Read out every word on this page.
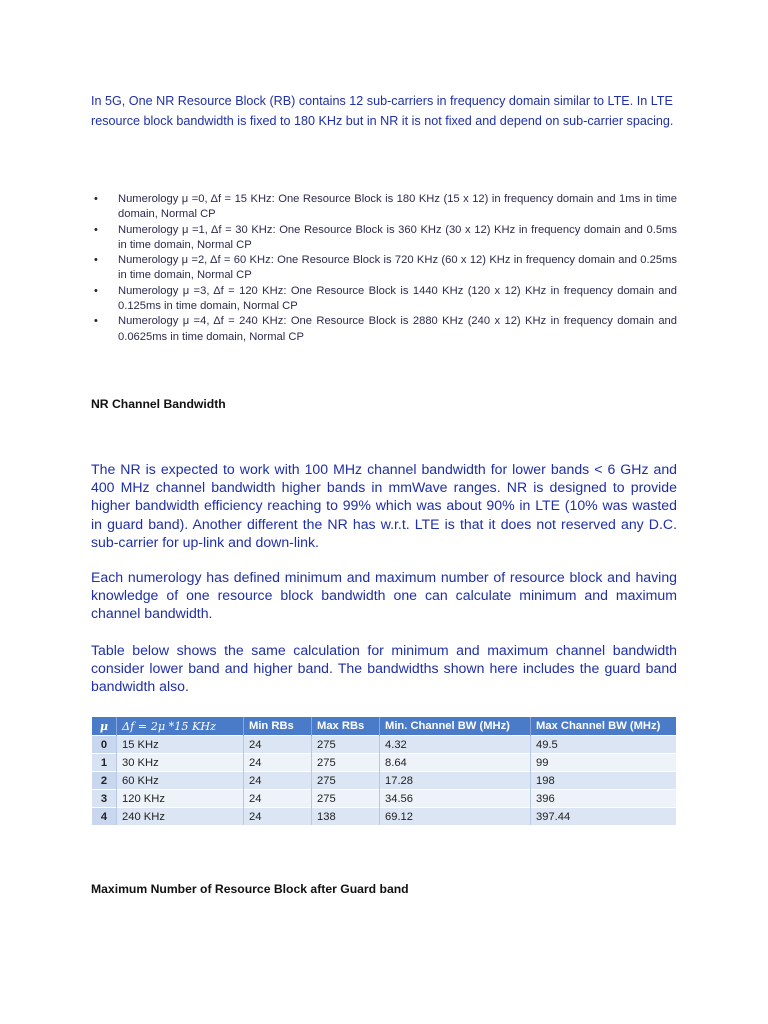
In 5G, One NR Resource Block (RB) contains 12 sub-carriers in frequency domain similar to LTE. In LTE resource block bandwidth is fixed to 180 KHz but in NR it is not fixed and depend on sub-carrier spacing.

• Numerology μ =0, Δf = 15 KHz: One Resource Block is 180 KHz (15 x 12) in frequency domain and 1ms in time domain, Normal CP
• Numerology μ =1, Δf = 30 KHz: One Resource Block is 360 KHz (30 x 12) KHz in frequency domain and 0.5ms in time domain, Normal CP
• Numerology μ =2, Δf = 60 KHz: One Resource Block is 720 KHz (60 x 12) KHz in frequency domain and 0.25ms in time domain, Normal CP
• Numerology μ =3, Δf = 120 KHz: One Resource Block is 1440 KHz (120 x 12) KHz in frequency domain and 0.125ms in time domain, Normal CP
• Numerology μ =4, Δf = 240 KHz: One Resource Block is 2880 KHz (240 x 12) KHz in frequency domain and 0.0625ms in time domain, Normal CP
NR Channel Bandwidth

The NR is expected to work with 100 MHz channel bandwidth for lower bands < 6 GHz and 400 MHz channel bandwidth higher bands in mmWave ranges. NR is designed to provide higher bandwidth efficiency reaching to 99% which was about 90% in LTE (10% was wasted in guard band). Another different the NR has w.r.t. LTE is that it does not reserved any D.C. sub-carrier for up-link and down-link.

Each numerology has defined minimum and maximum number of resource block and having knowledge of one resource block bandwidth one can calculate minimum and maximum channel bandwidth.

Table below shows the same calculation for minimum and maximum channel bandwidth consider lower band and higher band. The bandwidths shown here includes the guard band bandwidth also.

μ	Δf = 2μ *15 KHz	Min RBs	Max RBs	Min. Channel BW (MHz)	Max Channel BW (MHz)
0	15 KHz	24	275	4.32	49.5
1	30 KHz	24	275	8.64	99
2	60 KHz	24	275	17.28	198
3	120 KHz	24	275	34.56	396
4	240 KHz	24	138	69.12	397.44
Maximum Number of Resource Block after Guard band
